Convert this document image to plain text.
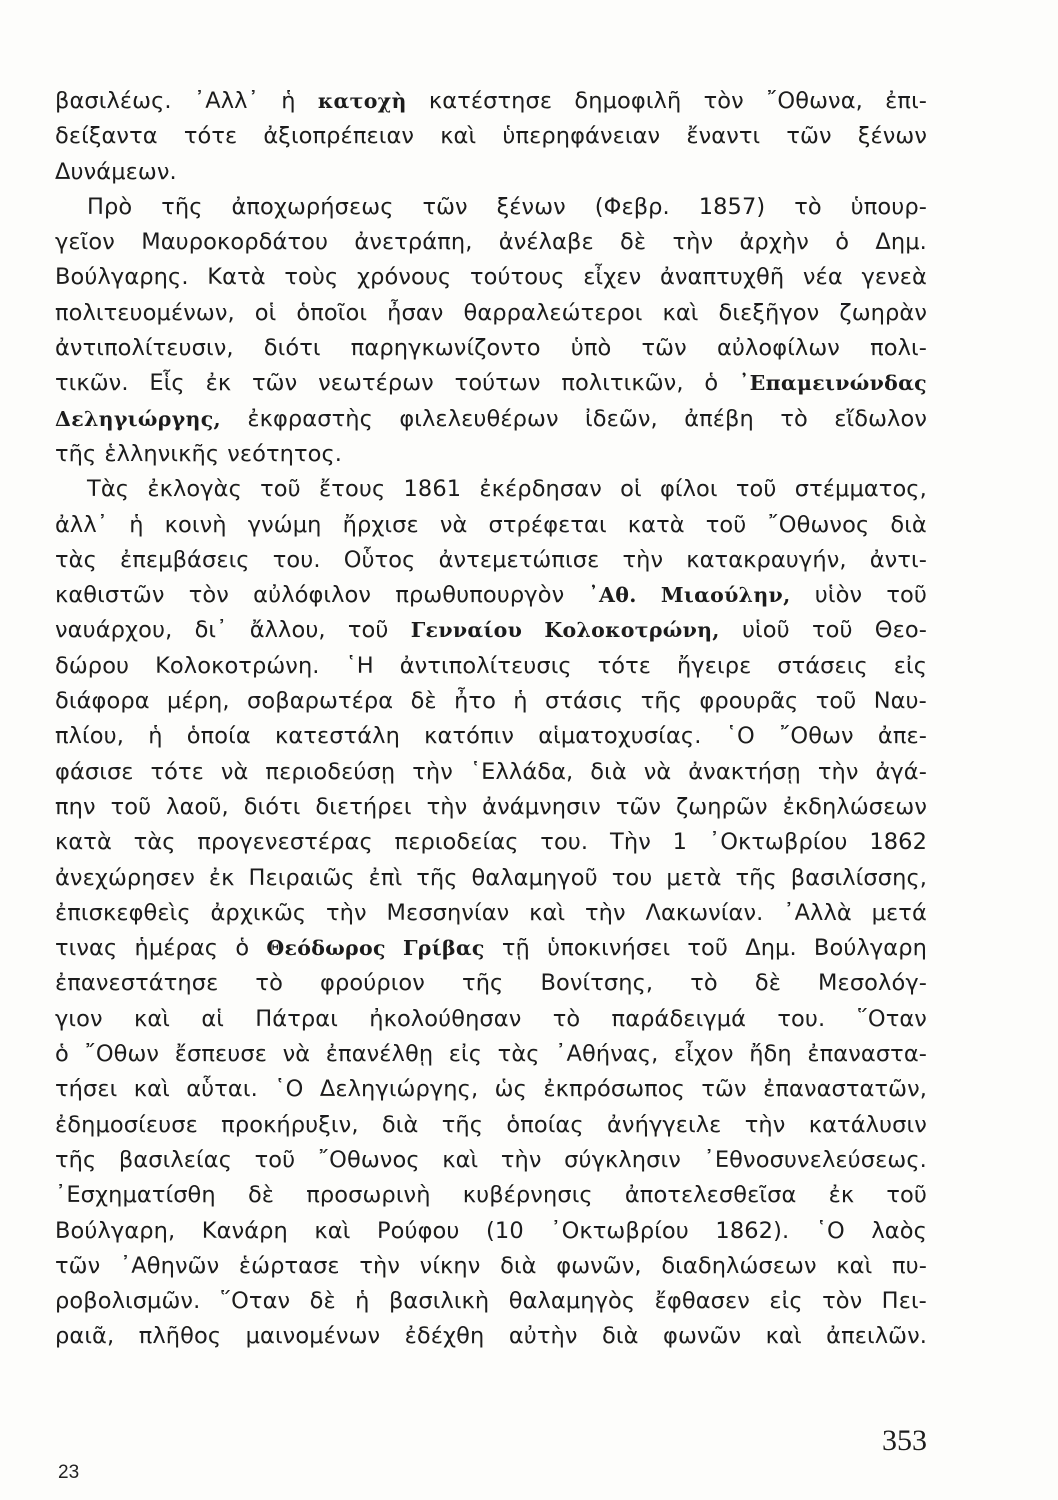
βασιλέως. ᾿Αλλ᾿ ἡ κατοχὴ κατέστησε δημοφιλῆ τὸν ῎Οθωνα, ἐπι-
δείξαντα τότε ἀξιοπρέπειαν καὶ ὑπερηφάνειαν ἔναντι τῶν ξένων
Δυνάμεων.
Πρὸ τῆς ἀποχωρήσεως τῶν ξένων (Φεβρ. 1857) τὸ ὑπουρ-
γεῖον Μαυροκορδάτου ἀνετράπη, ἀνέλαβε δὲ τὴν ἀρχὴν ὁ Δημ.
Βούλγαρης. Κατὰ τοὺς χρόνους τούτους εἶχεν ἀναπτυχθῆ νέα γενεὰ
πολιτευομένων, οἱ ὁποῖοι ἦσαν θαρραλεώτεροι καὶ διεξῆγον ζωηρὰν
ἀντιπολίτευσιν, διότι παρηγκωνίζοντο ὑπὸ τῶν αὐλοφίλων πολι-
τικῶν. Εἷς ἐκ τῶν νεωτέρων τούτων πολιτικῶν, ὁ ᾿Επαμεινώνδας
Δεληγιώργης, ἐκφραστὴς φιλελευθέρων ἰδεῶν, ἀπέβη τὸ εἴδωλον
τῆς ἑλληνικῆς νεότητος.
Τὰς ἐκλογὰς τοῦ ἔτους 1861 ἐκέρδησαν οἱ φίλοι τοῦ στέμματος,
ἀλλ᾿ ἡ κοινὴ γνώμη ἤρχισε νὰ στρέφεται κατὰ τοῦ ῎Οθωνος διὰ
τὰς ἐπεμβάσεις του. Οὗτος ἀντεμετώπισε τὴν κατακραυγήν, ἀντι-
καθιστῶν τὸν αὐλόφιλον πρωθυπουργὸν ᾿Αθ. Μιαούλην, υἱὸν τοῦ
ναυάρχου, δι᾿ ἄλλου, τοῦ Γενναίου Κολοκοτρώνη, υἱοῦ τοῦ Θεο-
δώρου Κολοκοτρώνη. ῾Η ἀντιπολίτευσις τότε ἤγειρε στάσεις εἰς
διάφορα μέρη, σοβαρωτέρα δὲ ἦτο ἡ στάσις τῆς φρουρᾶς τοῦ Ναυ-
πλίου, ἡ ὁποία κατεστάλη κατόπιν αἱματοχυσίας. ῾Ο ῎Οθων ἀπε-
φάσισε τότε νὰ περιοδεύσῃ τὴν ῾Ελλάδα, διὰ νὰ ἀνακτήσῃ τὴν ἀγά-
πην τοῦ λαοῦ, διότι διετήρει τὴν ἀνάμνησιν τῶν ζωηρῶν ἐκδηλώσεων
κατὰ τὰς προγενεστέρας περιοδείας του. Τὴν 1 ᾿Οκτωβρίου 1862
ἀνεχώρησεν ἐκ Πειραιῶς ἐπὶ τῆς θαλαμηγοῦ του μετὰ τῆς βασιλίσσης,
ἐπισκεφθεὶς ἀρχικῶς τὴν Μεσσηνίαν καὶ τὴν Λακωνίαν. ᾿Αλλὰ μετά
τινας ἡμέρας ὁ Θεόδωρος Γρίβας τῇ ὑποκινήσει τοῦ Δημ. Βούλγαρη
ἐπανεστάτησε τὸ φρούριον τῆς Βονίτσης, τὸ δὲ Μεσολόγ-
γιον καὶ αἱ Πάτραι ἠκολούθησαν τὸ παράδειγμά του. ῞Οταν
ὁ ῎Οθων ἔσπευσε νὰ ἐπανέλθῃ εἰς τὰς ᾿Αθήνας, εἶχον ἤδη ἐπαναστα-
τήσει καὶ αὗται. ῾Ο Δεληγιώργης, ὡς ἐκπρόσωπος τῶν ἐπαναστατῶν,
ἐδημοσίευσε προκήρυξιν, διὰ τῆς ὁποίας ἀνήγγειλε τὴν κατάλυσιν
τῆς βασιλείας τοῦ ῎Οθωνος καὶ τὴν σύγκλησιν ᾿Εθνοσυνελεύσεως.
᾿Εσχηματίσθη δὲ προσωρινὴ κυβέρνησις ἀποτελεσθεῖσα ἐκ τοῦ
Βούλγαρη, Κανάρη καὶ Ρούφου (10 ᾿Οκτωβρίου 1862). ῾Ο λαὸς
τῶν ᾿Αθηνῶν ἑώρτασε τὴν νίκην διὰ φωνῶν, διαδηλώσεων καὶ πυ-
ροβολισμῶν. ῞Οταν δὲ ἡ βασιλικὴ θαλαμηγὸς ἔφθασεν εἰς τὸν Πει-
ραιᾶ, πλῆθος μαινομένων ἐδέχθη αὐτὴν διὰ φωνῶν καὶ ἀπειλῶν.
353
23
